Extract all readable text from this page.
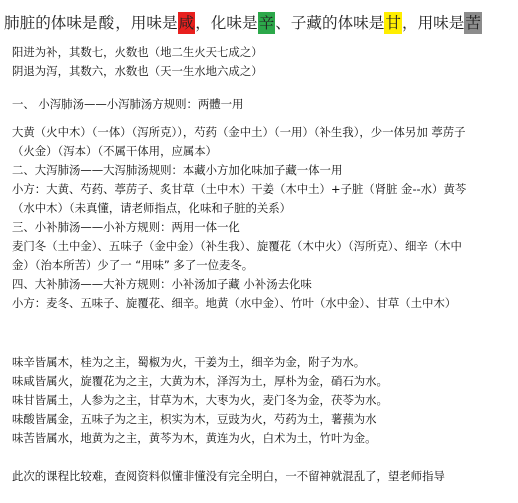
肺脏的体味是酸，用味是咸，化味是辛、子藏的体味是甘，用味是苦
阳进为补，其数七，火数也（地二生火天七成之）
阴退为泻，其数六，水数也（天一生水地六成之）
一、 小泻肺汤——小泻肺汤方规则：两體一用
大黄（火中木）（一体）（泻所克）），芍药（金中土）（一用）（补生我），少一体另加 葶苈子
（火金）（泻本）（不属干体用，应属本）
二、大泻肺汤——大泻肺汤规则：本藏小方加化味加子藏一体一用
小方：大黄、芍药、葶苈子、炙甘草（土中木）干姜（木中土）+子脏（肾脏 金--水）黄芩
（水中木）（未真懂，请老师指点，化味和子脏的关系）
三、小补肺汤——小补方规则：两用一体一化
麦门冬（土中金）、五味子（金中金）（补生我）、旋覆花（木中火）（泻所克）、细辛（木中
金）（治本所苦）少了一 “用味” 多了一位麦冬。
四、大补肺汤——大补方规则：小补汤加子藏 小补汤去化味
小方：麦冬、五味子、旋覆花、细辛。地黄（水中金）、竹叶（水中金）、甘草（土中木）
味辛皆属木，桂为之主，蜀椒为火，干姜为土，细辛为金，附子为水。
味咸皆属火，旋覆花为之主，大黄为木，泽泻为土，厚朴为金，硝石为水。
味甘皆属土，人参为之主，甘草为木，大枣为火，麦门冬为金，茯苓为水。
味酸皆属金，五味子为之主，枳实为木，豆豉为火，芍药为土，薯蓣为水
味苦皆属水，地黄为之主，黄芩为木，黄连为火，白术为土，竹叶为金。
此次的课程比较难，查阅资料似懂非懂没有完全明白，一不留神就混乱了，望老师指导
